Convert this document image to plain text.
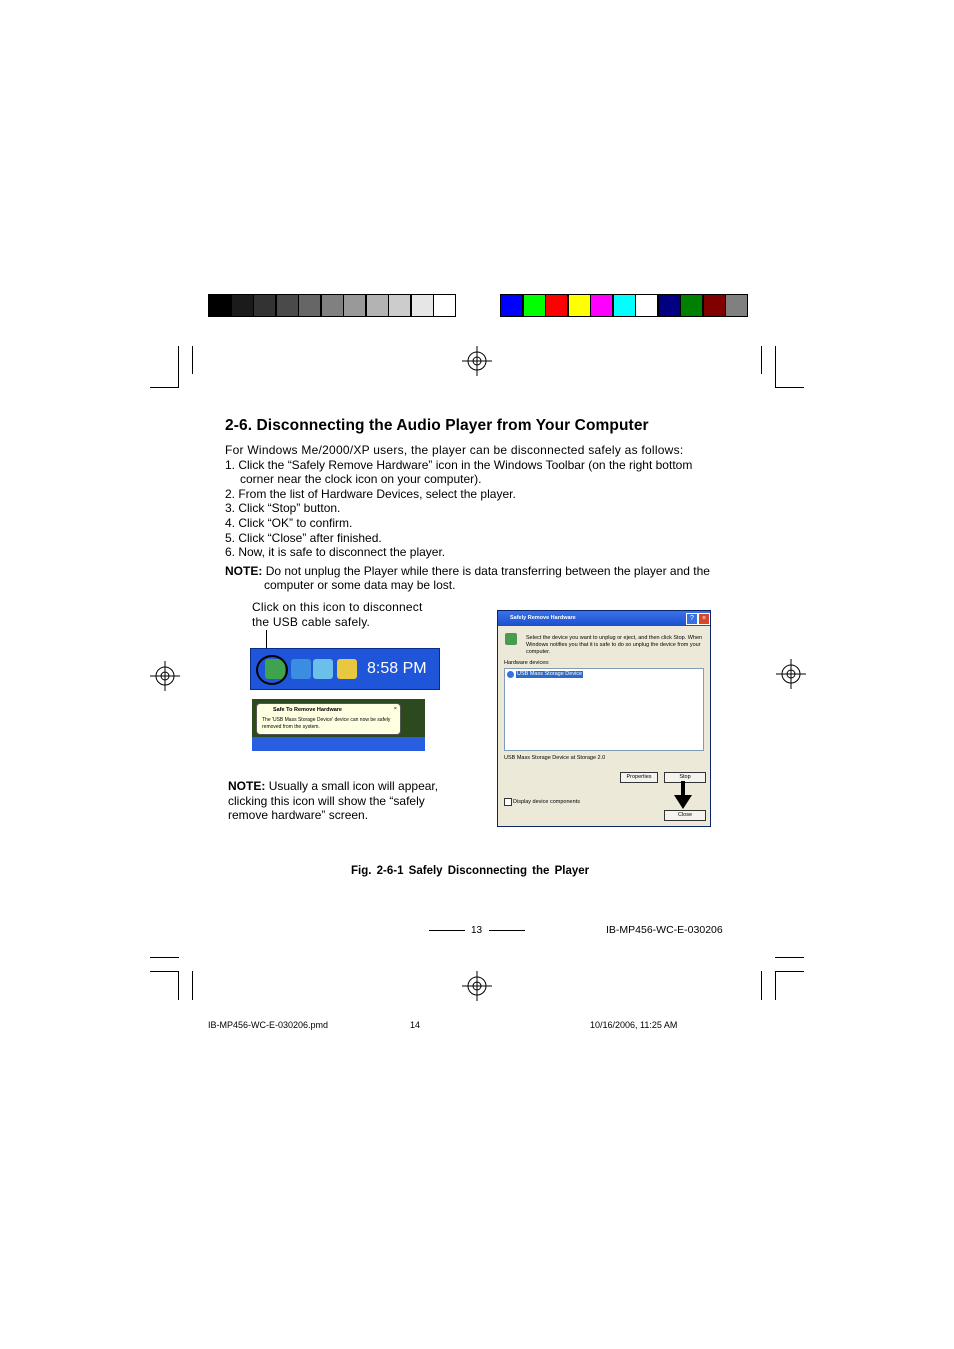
2-6. Disconnecting the Audio Player from Your Computer
For Windows Me/2000/XP users, the player can be disconnected safely as follows:
1. Click the “Safely Remove Hardware” icon in the Windows Toolbar (on the right bottom
corner near the clock icon on your computer).
2. From the list of Hardware Devices, select the player.
3. Click “Stop” button.
4. Click “OK” to confirm.
5. Click “Close” after finished.
6. Now, it is safe to disconnect the player.
NOTE: Do not unplug the Player while there is data transferring between the player and the
computer or some data may be lost.
Click on this icon to disconnect
the USB cable safely.
8:58 PM
Safe To Remove Hardware
The 'USB Mass Storage Device' device can now be safely
removed from the system.
×
NOTE: Usually a small icon will appear,
clicking this icon will show the “safely
remove hardware” screen.
Safely Remove Hardware	?	×
Select the device you want to unplug or eject, and then click Stop. When
Windows notifies you that it is safe to do so unplug the device from your
computer.
Hardware devices:
USB Mass Storage Device
USB Mass Storage Device at Storage 2.0
Properties	Stop
Display device components
Close
Fig. 2-6-1 Safely Disconnecting the Player
13	IB-MP456-WC-E-030206
IB-MP456-WC-E-030206.pmd	14	10/16/2006, 11:25 AM
